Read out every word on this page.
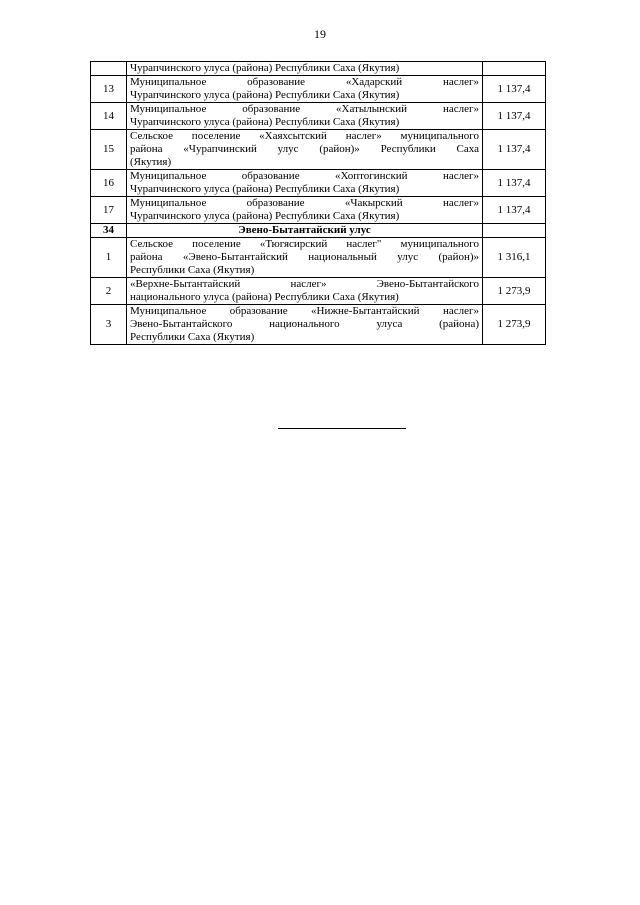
19

	Чурапчинского улуса (района) Республики Саха (Якутия)	

13	Муниципальное образование «Хадарский наслег»
Чурапчинского улуса (района) Республики Саха (Якутия)	1 137,4
14	Муниципальное образование «Хатылынский наслег»
Чурапчинского улуса (района) Республики Саха (Якутия)	1 137,4
15	Сельское поселение «Хаяхсытский наслег» муниципального
района «Чурапчинский улус (район)» Республики Саха
(Якутия)	1 137,4
16	Муниципальное образование «Хоптогинский наслег»
Чурапчинского улуса (района) Республики Саха (Якутия)	1 137,4
17	Муниципальное образование «Чакырский наслег»
Чурапчинского улуса (района) Республики Саха (Якутия)	1 137,4
34	Эвено-Бытантайский улус	
1	Сельское поселение «Тюгясирский наслег" муниципального
района «Эвено-Бытантайский национальный улус (район)»
Республики Саха (Якутия)	1 316,1
2	«Верхне-Бытантайский наслег» Эвено-Бытантайского
национального улуса (района) Республики Саха (Якутия)	1 273,9
3	Муниципальное образование «Нижне-Бытантайский наслег»
Эвено-Бытантайского национального улуса (района)
Республики Саха (Якутия)	1 273,9
